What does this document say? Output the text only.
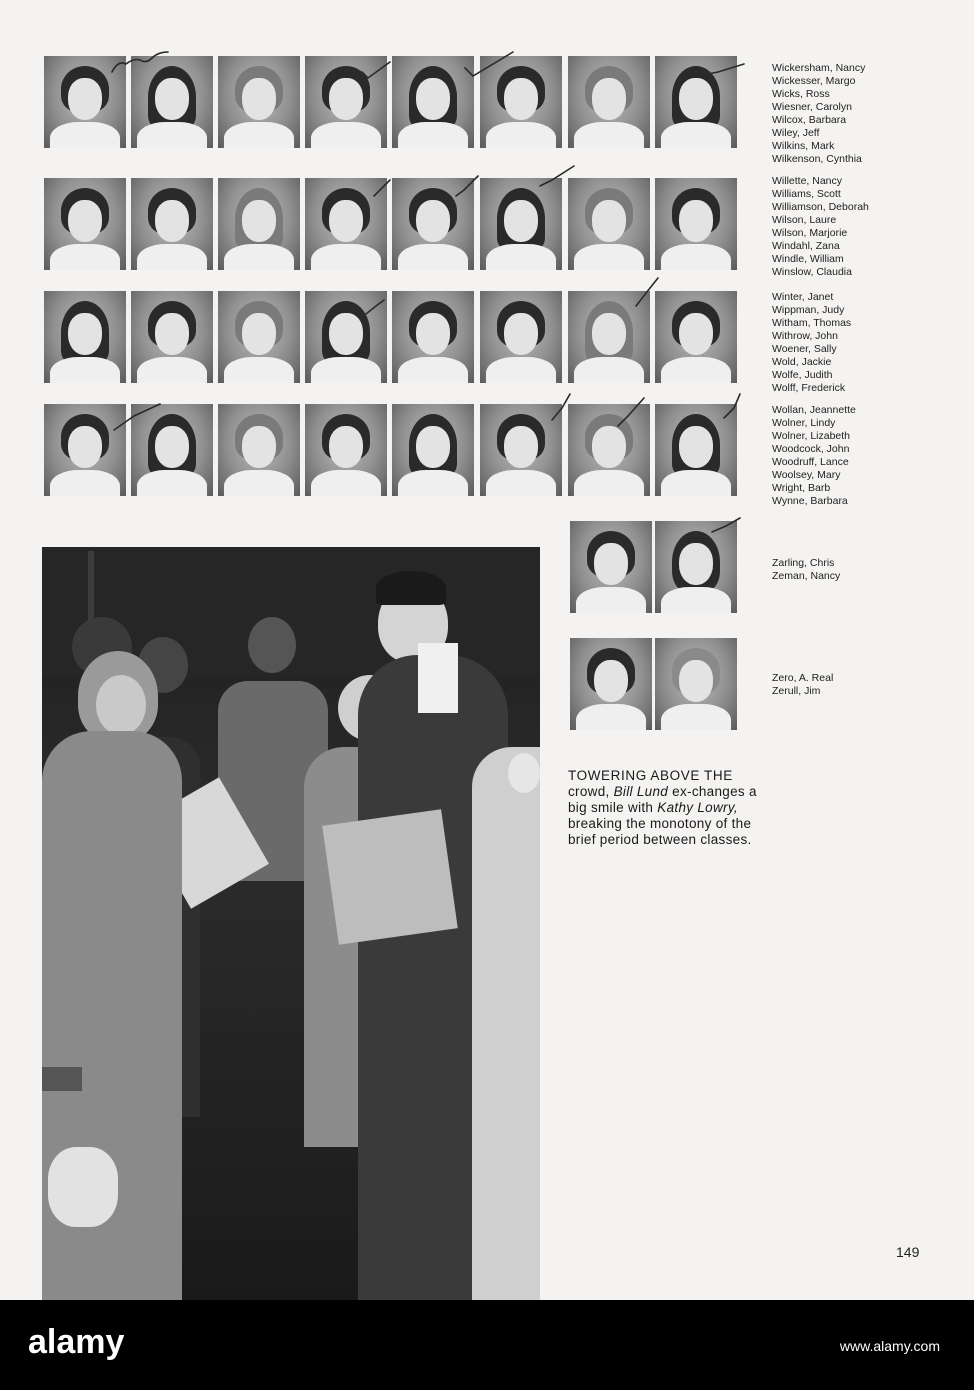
Wickersham, Nancy
Wickesser, Margo
Wicks, Ross
Wiesner, Carolyn
Wilcox, Barbara
Wiley, Jeff
Wilkins, Mark
Wilkenson, Cynthia
Willette, Nancy
Williams, Scott
Williamson, Deborah
Wilson, Laure
Wilson, Marjorie
Windahl, Zana
Windle, William
Winslow, Claudia
Winter, Janet
Wippman, Judy
Witham, Thomas
Withrow, John
Woener, Sally
Wold, Jackie
Wolfe, Judith
Wolff, Frederick
Wollan, Jeannette
Wolner, Lindy
Wolner, Lizabeth
Woodcock, John
Woodruff, Lance
Woolsey, Mary
Wright, Barb
Wynne, Barbara
Zarling, Chris
Zeman, Nancy
Zero, A. Real
Zerull, Jim
TOWERING ABOVE THE crowd, Bill Lund ex-changes a big smile with Kathy Lowry, breaking the monotony of the brief period between classes.
149
alamy	www.alamy.com
